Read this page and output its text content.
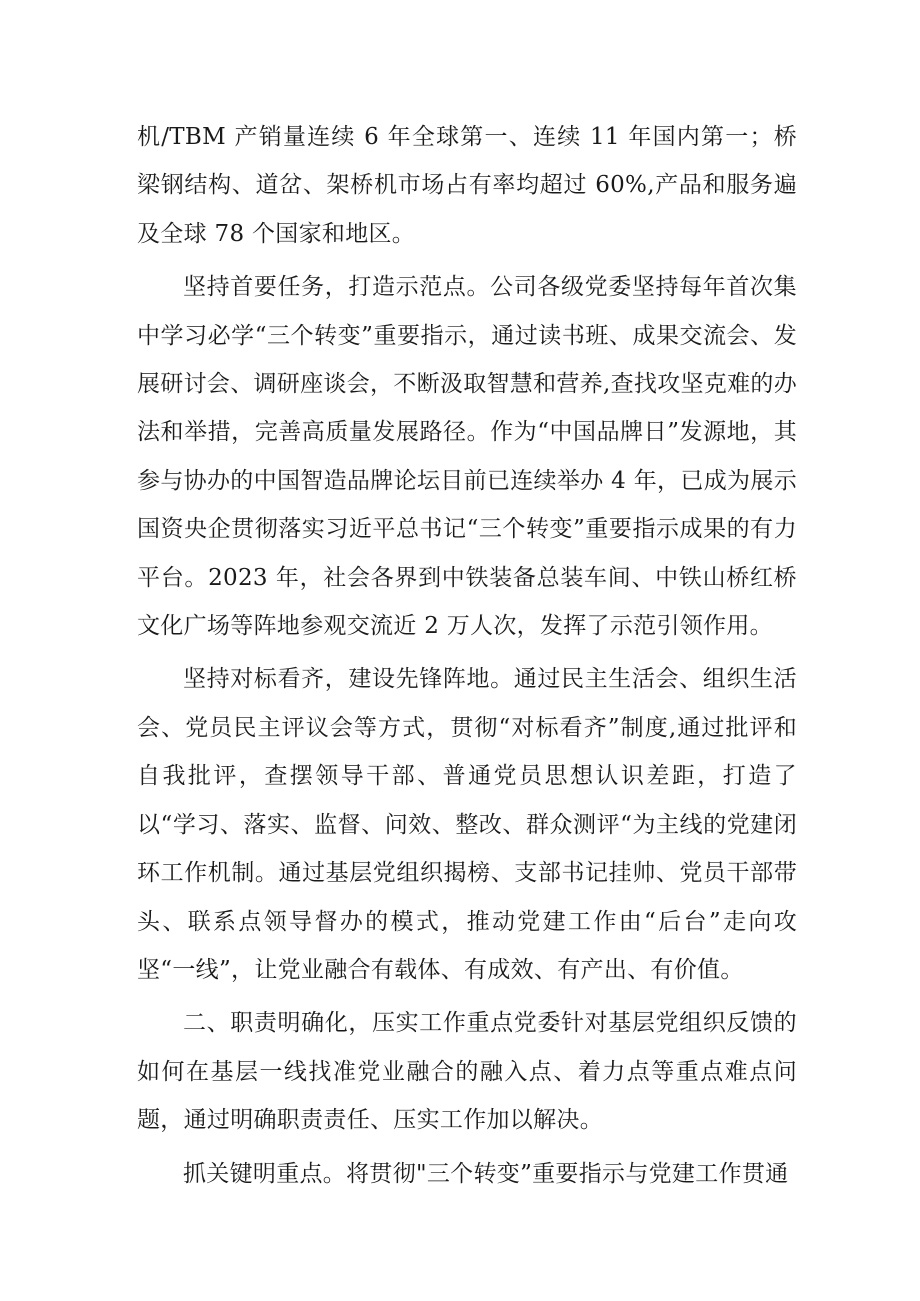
机/TBM 产销量连续 6 年全球第一、连续 11 年国内第一；桥梁钢结构、道岔、架桥机市场占有率均超过 60%,产品和服务遍及全球 78 个国家和地区。

坚持首要任务，打造示范点。公司各级党委坚持每年首次集中学习必学“三个转变”重要指示，通过读书班、成果交流会、发展研讨会、调研座谈会，不断汲取智慧和营养,查找攻坚克难的办法和举措，完善高质量发展路径。作为“中国品牌日”发源地，其参与协办的中国智造品牌论坛目前已连续举办 4 年，已成为展示国资央企贯彻落实习近平总书记“三个转变”重要指示成果的有力平台。2023 年，社会各界到中铁装备总装车间、中铁山桥红桥文化广场等阵地参观交流近 2 万人次，发挥了示范引领作用。

坚持对标看齐，建设先锋阵地。通过民主生活会、组织生活会、党员民主评议会等方式，贯彻“对标看齐”制度,通过批评和自我批评，查摆领导干部、普通党员思想认识差距，打造了以“学习、落实、监督、问效、整改、群众测评“为主线的党建闭环工作机制。通过基层党组织揭榜、支部书记挂帅、党员干部带头、联系点领导督办的模式，推动党建工作由“后台”走向攻坚“一线”，让党业融合有载体、有成效、有产出、有价值。

二、职责明确化，压实工作重点党委针对基层党组织反馈的如何在基层一线找准党业融合的融入点、着力点等重点难点问题，通过明确职责责任、压实工作加以解决。

抓关键明重点。将贯彻"三个转变”重要指示与党建工作贯通
